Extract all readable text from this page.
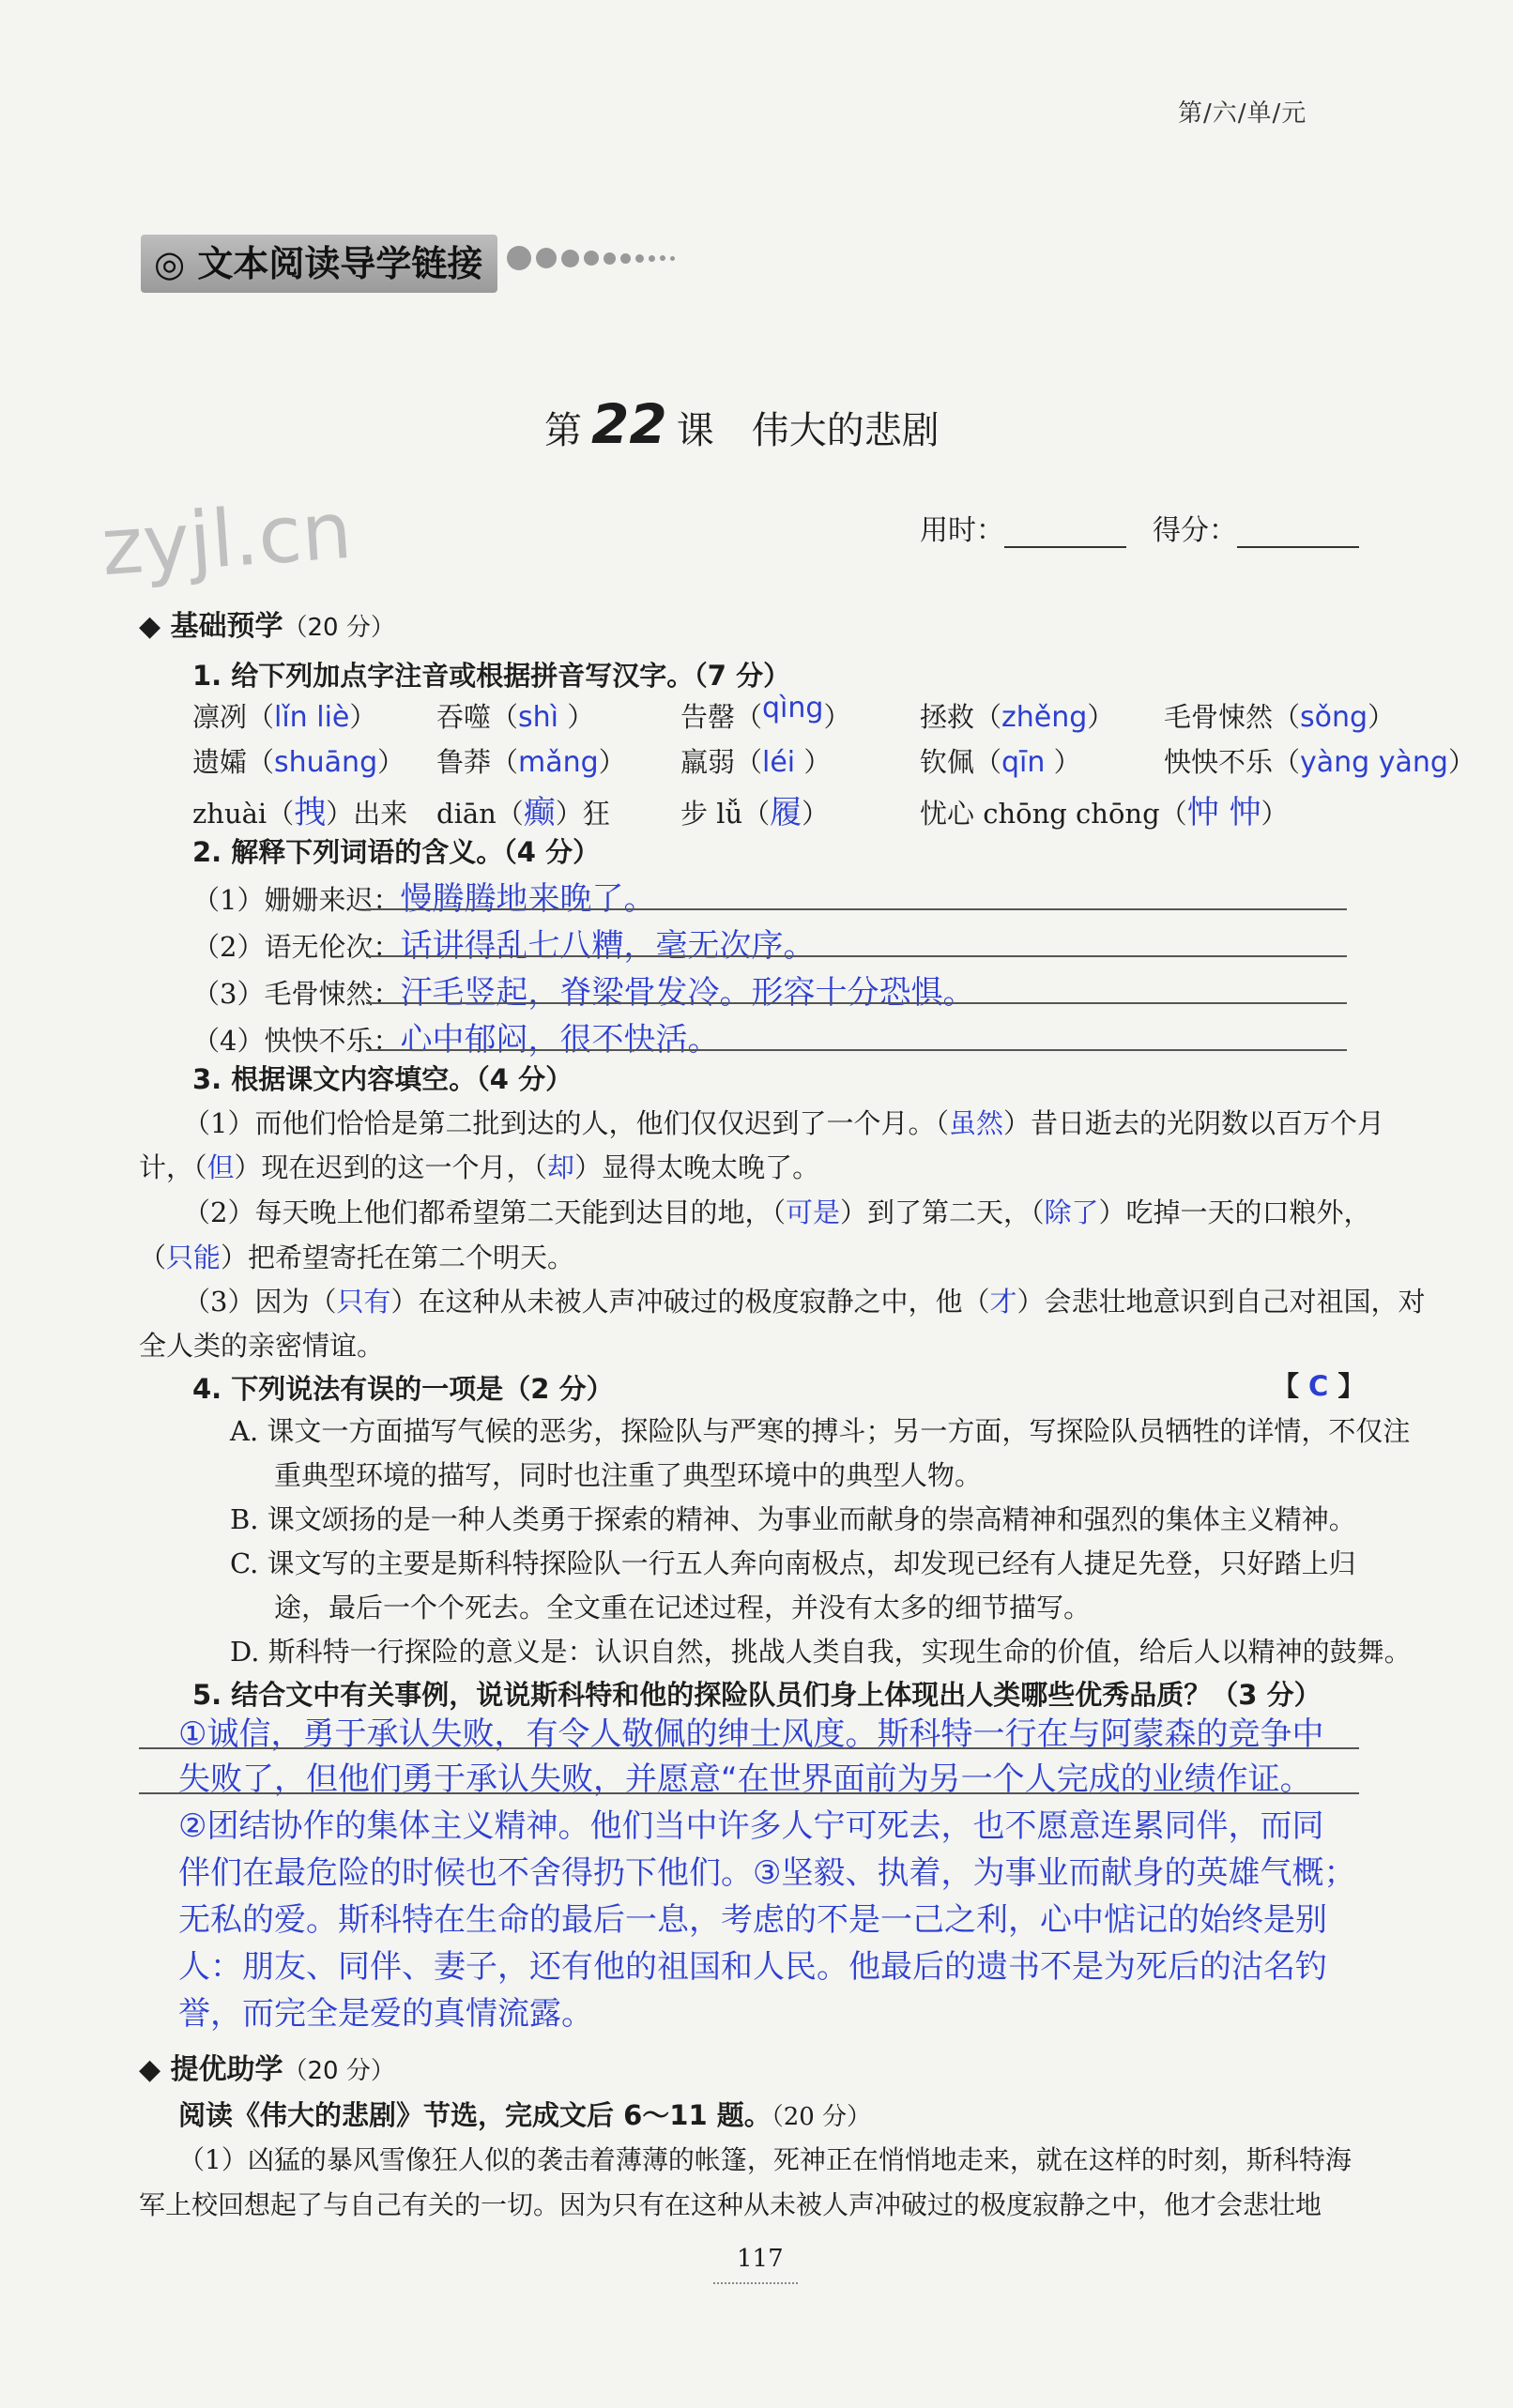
第/六/单/元
◎ 文本阅读导学链接
第 22 课 伟大的悲剧
zyjl.cn	用时：	得分：
◆ 基础预学（20 分）
1. 给下列加点字注音或根据拼音写汉字。（7 分）
凛冽（lǐn liè） 吞噬（shì ）	告罄（qìng）	拯救（zhěng） 毛骨悚然（sǒng）
遗孀（shuāng） 鲁莽（mǎng） 羸弱（léi ）	钦佩（qīn ）	怏怏不乐（yàng yàng）
zhuài（拽）出来 diān（癫）狂	步 lǚ（履）	忧心 chōng chōng（忡 忡）
2. 解释下列词语的含义。（4 分）
（1）姗姗来迟：慢腾腾地来晚了。
（2）语无伦次：话讲得乱七八糟，毫无次序。
（3）毛骨悚然：汗毛竖起，脊梁骨发冷。形容十分恐惧。
（4）怏怏不乐：心中郁闷，很不快活。
3. 根据课文内容填空。（4 分）
（1）而他们恰恰是第二批到达的人，他们仅仅迟到了一个月。（虽然）昔日逝去的光阴数以百万个月
计，（但）现在迟到的这一个月，（却）显得太晚太晚了。
（2）每天晚上他们都希望第二天能到达目的地，（可是）到了第二天，（除了）吃掉一天的口粮外，
（只能）把希望寄托在第二个明天。
（3）因为（只有）在这种从未被人声冲破过的极度寂静之中，他（才）会悲壮地意识到自己对祖国，对
全人类的亲密情谊。
4. 下列说法有误的一项是（2 分）	【 C 】
A. 课文一方面描写气候的恶劣，探险队与严寒的搏斗；另一方面，写探险队员牺牲的详情，不仅注
重典型环境的描写，同时也注重了典型环境中的典型人物。
B. 课文颂扬的是一种人类勇于探索的精神、为事业而献身的崇高精神和强烈的集体主义精神。
C. 课文写的主要是斯科特探险队一行五人奔向南极点，却发现已经有人捷足先登，只好踏上归
途，最后一个个死去。全文重在记述过程，并没有太多的细节描写。
D. 斯科特一行探险的意义是：认识自然，挑战人类自我，实现生命的价值，给后人以精神的鼓舞。
5. 结合文中有关事例，说说斯科特和他的探险队员们身上体现出人类哪些优秀品质？（3 分）
①诚信，勇于承认失败，有令人敬佩的绅士风度。斯科特一行在与阿蒙森的竞争中
失败了，但他们勇于承认失败，并愿意“在世界面前为另一个人完成的业绩作证。
②团结协作的集体主义精神。他们当中许多人宁可死去，也不愿意连累同伴，而同
伴们在最危险的时候也不舍得扔下他们。③坚毅、执着，为事业而献身的英雄气概；
无私的爱。斯科特在生命的最后一息，考虑的不是一己之利，心中惦记的始终是别
人：朋友、同伴、妻子，还有他的祖国和人民。他最后的遗书不是为死后的沽名钓
誉，而完全是爱的真情流露。
◆ 提优助学（20 分）
阅读《伟大的悲剧》节选，完成文后 6～11 题。（20 分）
（1）凶猛的暴风雪像狂人似的袭击着薄薄的帐篷，死神正在悄悄地走来，就在这样的时刻，斯科特海
军上校回想起了与自己有关的一切。因为只有在这种从未被人声冲破过的极度寂静之中，他才会悲壮地
117
